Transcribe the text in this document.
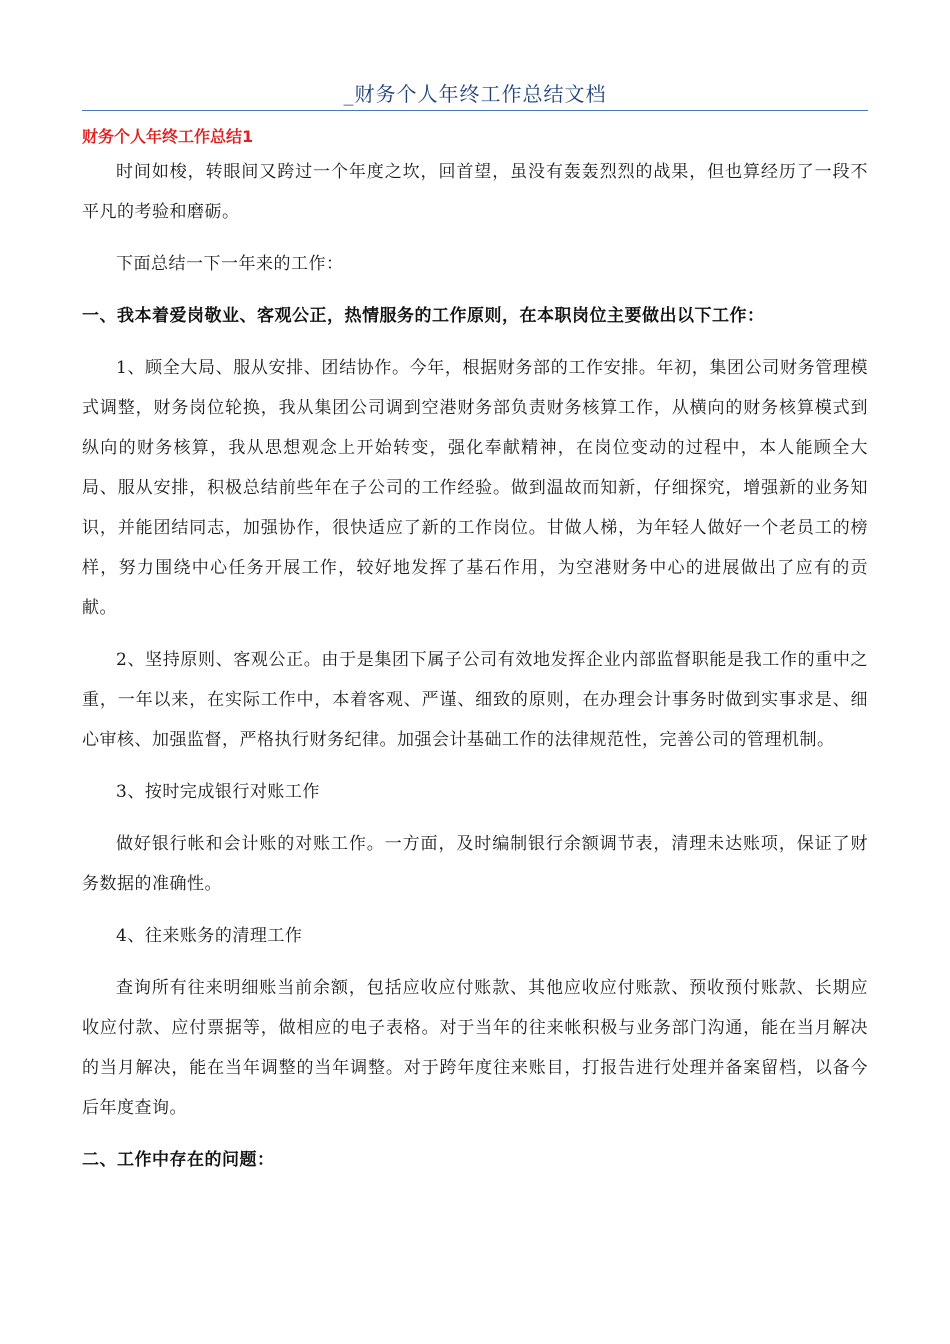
_财务个人年终工作总结文档
财务个人年终工作总结1

时间如梭，转眼间又跨过一个年度之坎，回首望，虽没有轰轰烈烈的战果，但也算经历了一段不平凡的考验和磨砺。

下面总结一下一年来的工作：

一、我本着爱岗敬业、客观公正，热情服务的工作原则，在本职岗位主要做出以下工作：

1、顾全大局、服从安排、团结协作。今年，根据财务部的工作安排。年初，集团公司财务管理模式调整，财务岗位轮换，我从集团公司调到空港财务部负责财务核算工作，从横向的财务核算模式到纵向的财务核算，我从思想观念上开始转变，强化奉献精神，在岗位变动的过程中，本人能顾全大局、服从安排，积极总结前些年在子公司的工作经验。做到温故而知新，仔细探究，增强新的业务知识，并能团结同志，加强协作，很快适应了新的工作岗位。甘做人梯，为年轻人做好一个老员工的榜样，努力围绕中心任务开展工作，较好地发挥了基石作用，为空港财务中心的进展做出了应有的贡献。

2、坚持原则、客观公正。由于是集团下属子公司有效地发挥企业内部监督职能是我工作的重中之重，一年以来，在实际工作中，本着客观、严谨、细致的原则，在办理会计事务时做到实事求是、细心审核、加强监督，严格执行财务纪律。加强会计基础工作的法律规范性，完善公司的管理机制。

3、按时完成银行对账工作

做好银行帐和会计账的对账工作。一方面，及时编制银行余额调节表，清理未达账项，保证了财务数据的准确性。

4、往来账务的清理工作

查询所有往来明细账当前余额，包括应收应付账款、其他应收应付账款、预收预付账款、长期应收应付款、应付票据等，做相应的电子表格。对于当年的往来帐积极与业务部门沟通，能在当月解决的当月解决，能在当年调整的当年调整。对于跨年度往来账目，打报告进行处理并备案留档，以备今后年度查询。

二、工作中存在的问题：
